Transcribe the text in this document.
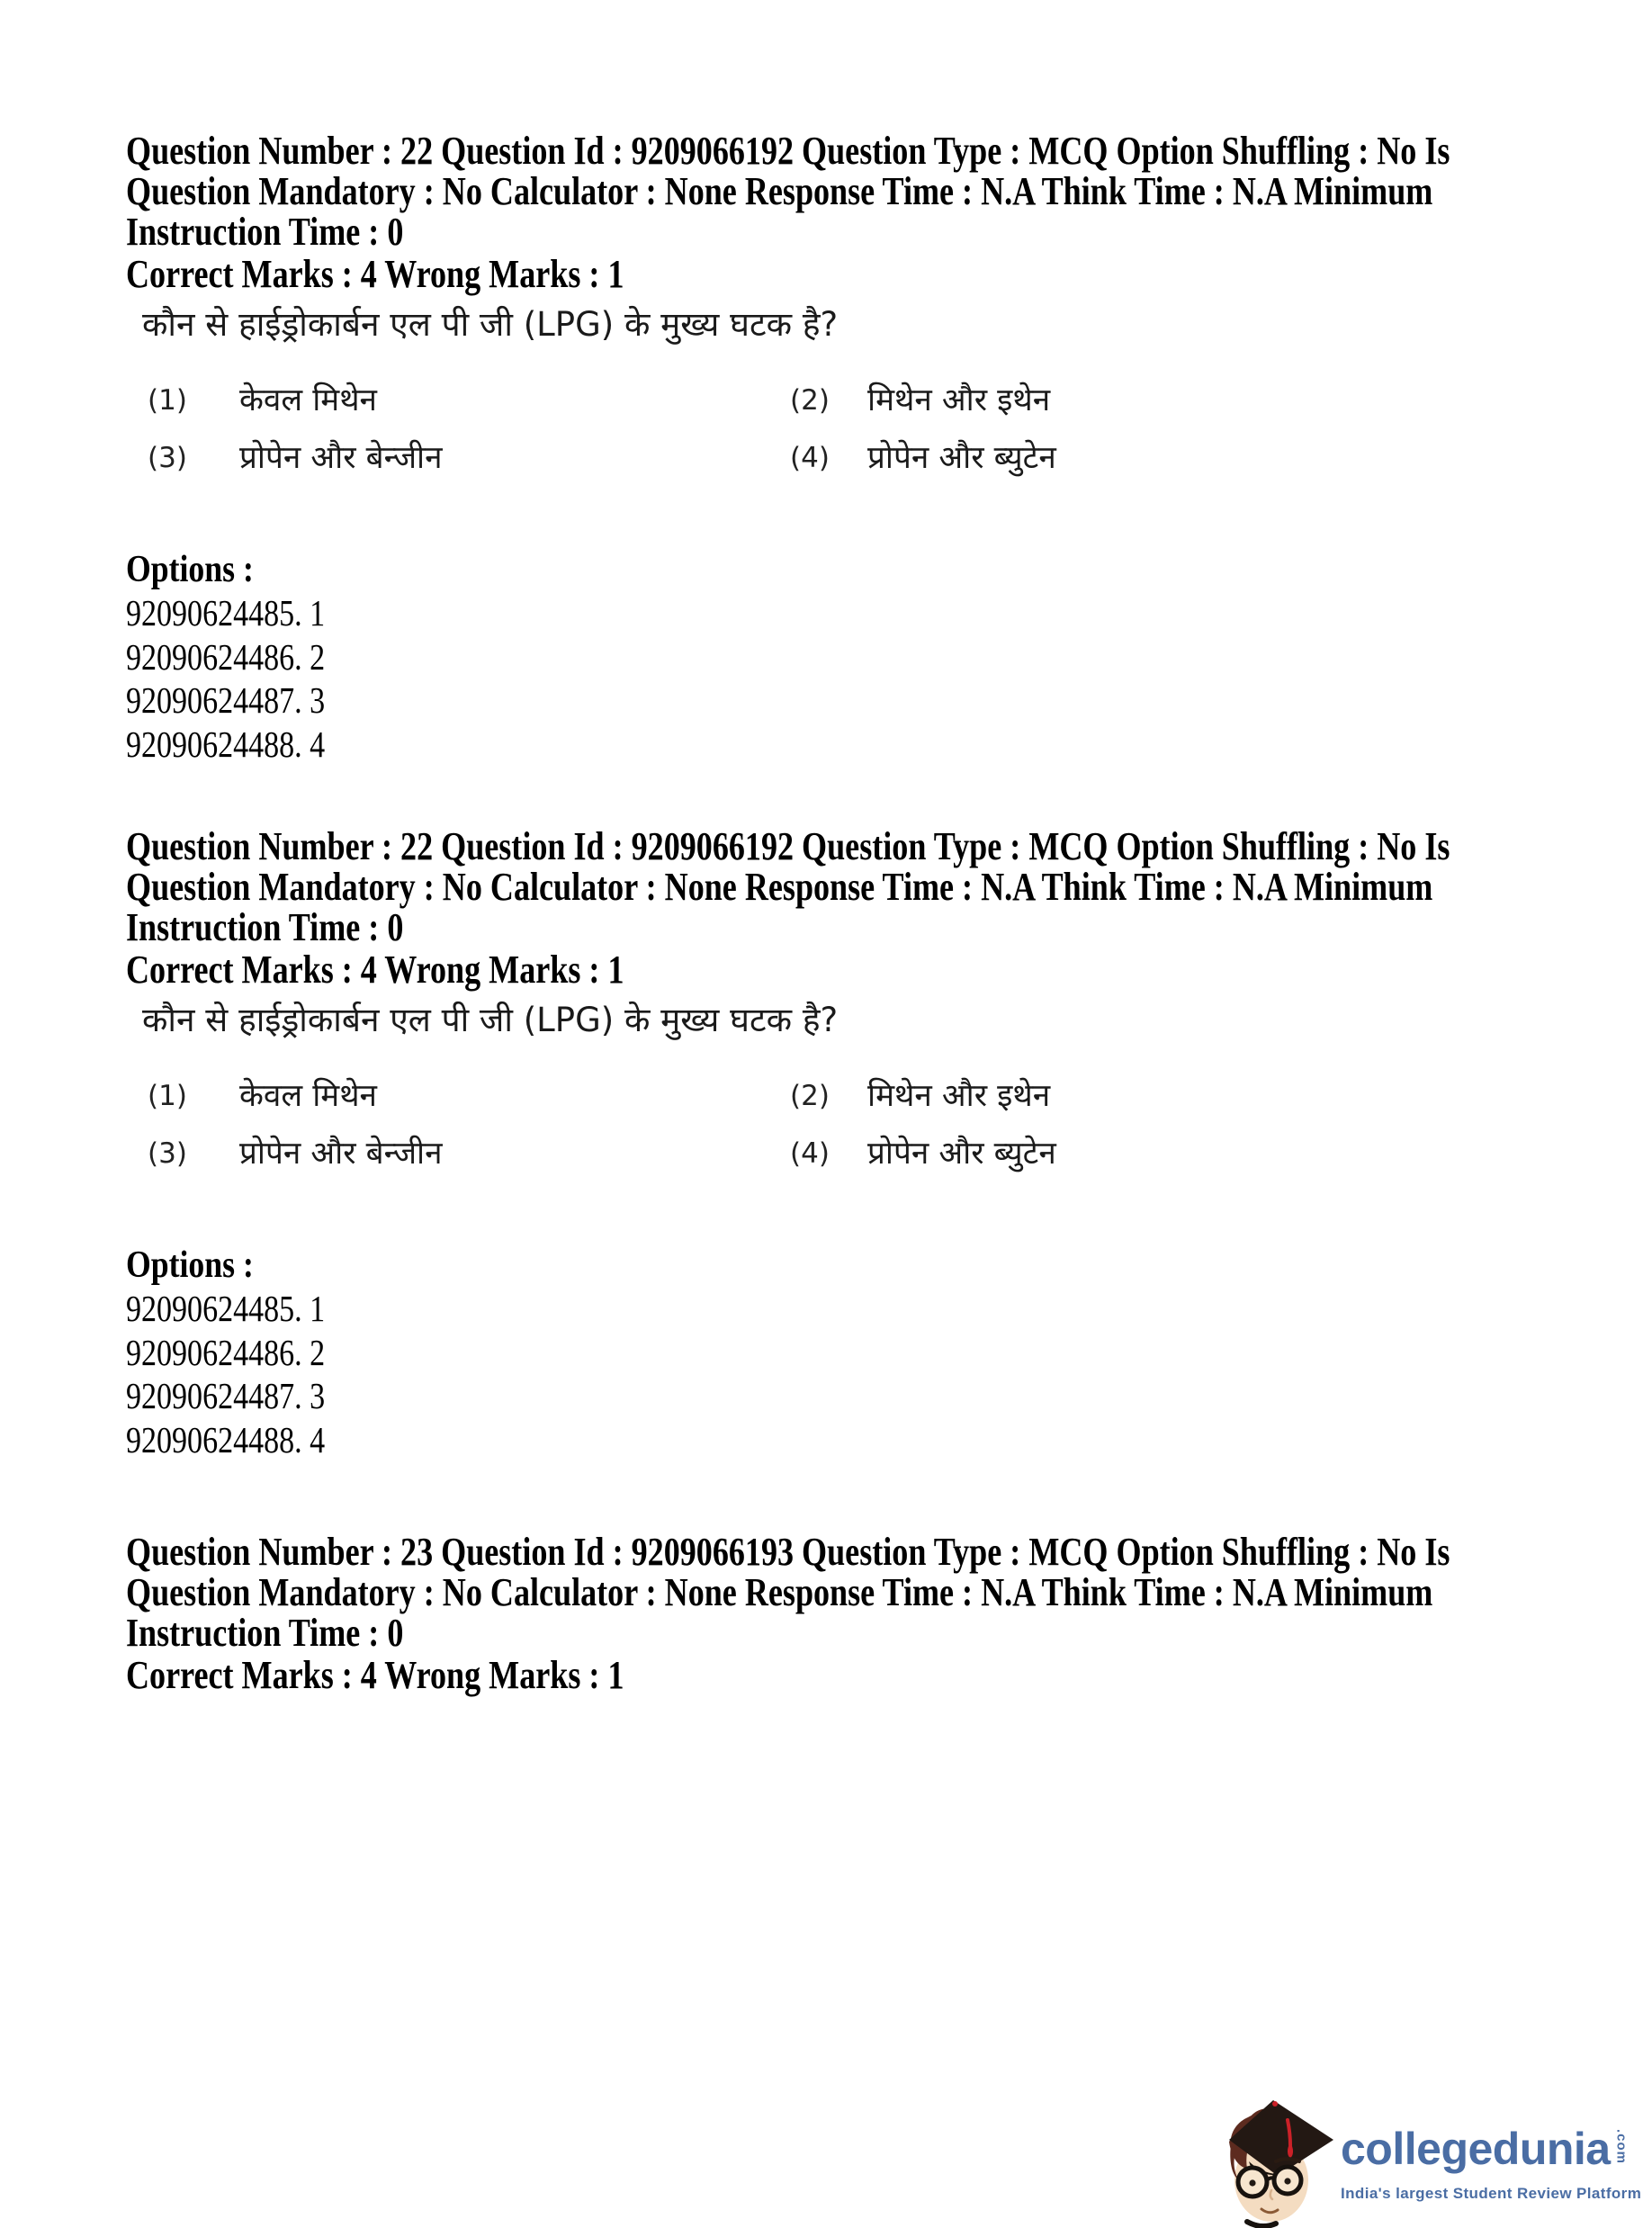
Question Number : 22 Question Id : 9209066192 Question Type : MCQ Option Shuffling : No Is
Question Mandatory : No Calculator : None Response Time : N.A Think Time : N.A Minimum
Instruction Time : 0
Correct Marks : 4 Wrong Marks : 1
कौन से हाईड्रोकार्बन एल पी जी (LPG) के मुख्य घटक है?
(1)	केवल मिथेन	(2)	मिथेन और इथेन
(3)	प्रोपेन और बेन्जीन	(4)	प्रोपेन और ब्युटेन
Options :
92090624485. 1
92090624486. 2
92090624487. 3
92090624488. 4
Question Number : 22 Question Id : 9209066192 Question Type : MCQ Option Shuffling : No Is
Question Mandatory : No Calculator : None Response Time : N.A Think Time : N.A Minimum
Instruction Time : 0
Correct Marks : 4 Wrong Marks : 1
कौन से हाईड्रोकार्बन एल पी जी (LPG) के मुख्य घटक है?
(1)	केवल मिथेन	(2)	मिथेन और इथेन
(3)	प्रोपेन और बेन्जीन	(4)	प्रोपेन और ब्युटेन
Options :
92090624485. 1
92090624486. 2
92090624487. 3
92090624488. 4
Question Number : 23 Question Id : 9209066193 Question Type : MCQ Option Shuffling : No Is
Question Mandatory : No Calculator : None Response Time : N.A Think Time : N.A Minimum
Instruction Time : 0
Correct Marks : 4 Wrong Marks : 1
collegedunia .com
India's largest Student Review Platform
